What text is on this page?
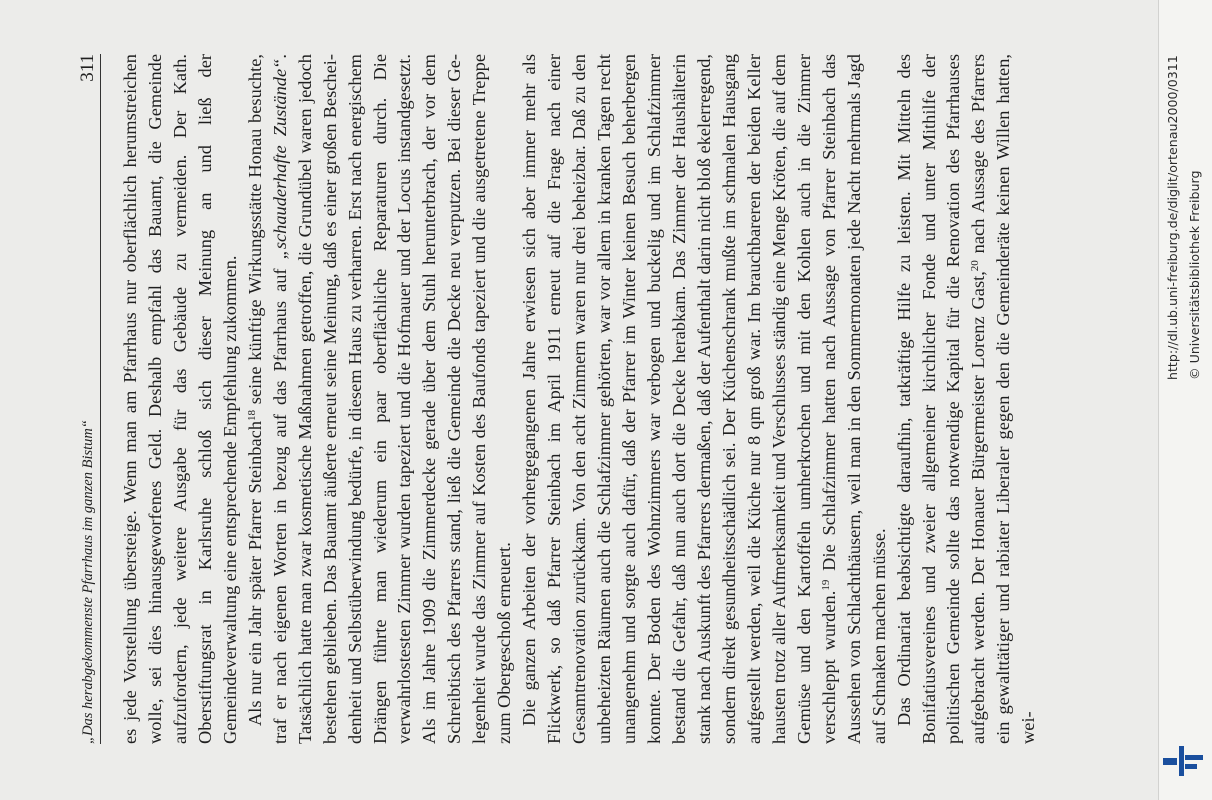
„Das herabgekommenste Pfarrhaus im ganzen Bistum“
311 es jede Vorstellung übersteige. Wenn man am Pfarrhaus nur oberflächlich herumstreichen wolle, sei dies hinausgeworfenes Geld. Deshalb empfahl das Bauamt, die Gemeinde aufzufordern, jede weitere Ausgabe für das Gebäude zu vermeiden. Der Kath. Oberstiftungsrat in Karlsruhe schloß sich dieser Meinung an und ließ der Gemeindeverwaltung eine entsprechende Empfehlung zukommen. Als nur ein Jahr später Pfarrer Steinbach$^{18}$ seine künftige Wirkungsstätte Honau besuchte, traf er nach eigenen Worten in bezug auf das Pfarrhaus auf „schauderhafte Zustände“. Tatsächlich hatte man zwar kosmetische Maßnahmen getroffen, die Grundübel waren jedoch bestehen geblieben. Das Bauamt äußerte erneut seine Meinung, daß es einer großen Bescheidenheit und Selbstüberwindung bedürfe, in diesem Haus zu verharren. Erst nach energischem Drängen führte man wiederum ein paar oberflächliche Reparaturen durch. Die verwahrlostesten Zimmer wurden tapeziert und die Hofmauer und der Locus instandgesetzt. Als im Jahre 1909 die Zimmerdecke gerade über dem Stuhl herunterbrach, der vor dem Schreibtisch des Pfarrers stand, ließ die Gemeinde die Decke neu verputzen. Bei dieser Gelegenheit wurde das Zimmer auf Kosten des Baufonds tapeziert und die ausgetretene Treppe zum Obergeschoß erneuert. Die ganzen Arbeiten der vorhergegangenen Jahre erwiesen sich aber immer mehr als Flickwerk, so daß Pfarrer Steinbach im April 1911 erneut auf die Frage nach einer Gesamtrenovation zurückkam. Von den acht Zimmern waren nur drei beheizbar. Daß zu den unbeheizten Räumen auch die Schlafzimmer gehörten, war vor allem in kranken Tagen recht unangenehm und sorgte auch dafür, daß der Pfarrer im Winter keinen Besuch beherbergen konnte. Der Boden des Wohnzimmers war verbogen und buckelig und im Schlafzimmer bestand die Gefahr, daß nun auch dort die Decke herabkam. Das Zimmer der Haushälterin stank nach Auskunft des Pfarrers dermaßen, daß der Aufenthalt darin nicht bloß ekelerregend, sondern direkt gesundheitsschädlich sei. Der Küchenschrank mußte im schmalen Hausgang aufgestellt werden, weil die Küche nur 8 qm groß war. Im brauchbareren der beiden Keller hausten trotz aller Aufmerksamkeit und Verschlusses ständig eine Menge Kröten, die auf dem Gemüse und den Kartoffeln umherkrochen und mit den Kohlen auch in die Zimmer verschleppt wurden.$^{19}$ Die Schlafzimmer hatten nach Aussage von Pfarrer Steinbach das Aussehen von Schlachthäusern, weil man in den Sommermonaten jede Nacht mehrmals Jagd auf Schnaken machen müsse. Das Ordinariat beabsichtigte daraufhin, tatkräftige Hilfe zu leisten. Mit Mitteln des Bonifatiusvereines und zweier allgemeiner kirchlicher Fonde und unter Mithilfe der politischen Gemeinde sollte das notwendige Kapital für die Renovation des Pfarrhauses aufgebracht werden. Der Honauer Bürgermeister Lorenz Gast,$^{20}$ nach Aussage des Pfarrers ein gewalttätiger und rabiater Liberaler gegen den die Gemeinderäte keinen Willen hatten, wei-

http://dl.ub.uni-freiburg.de/diglit/ortenau2000/0311 © Universitätsbibliothek Freiburg
